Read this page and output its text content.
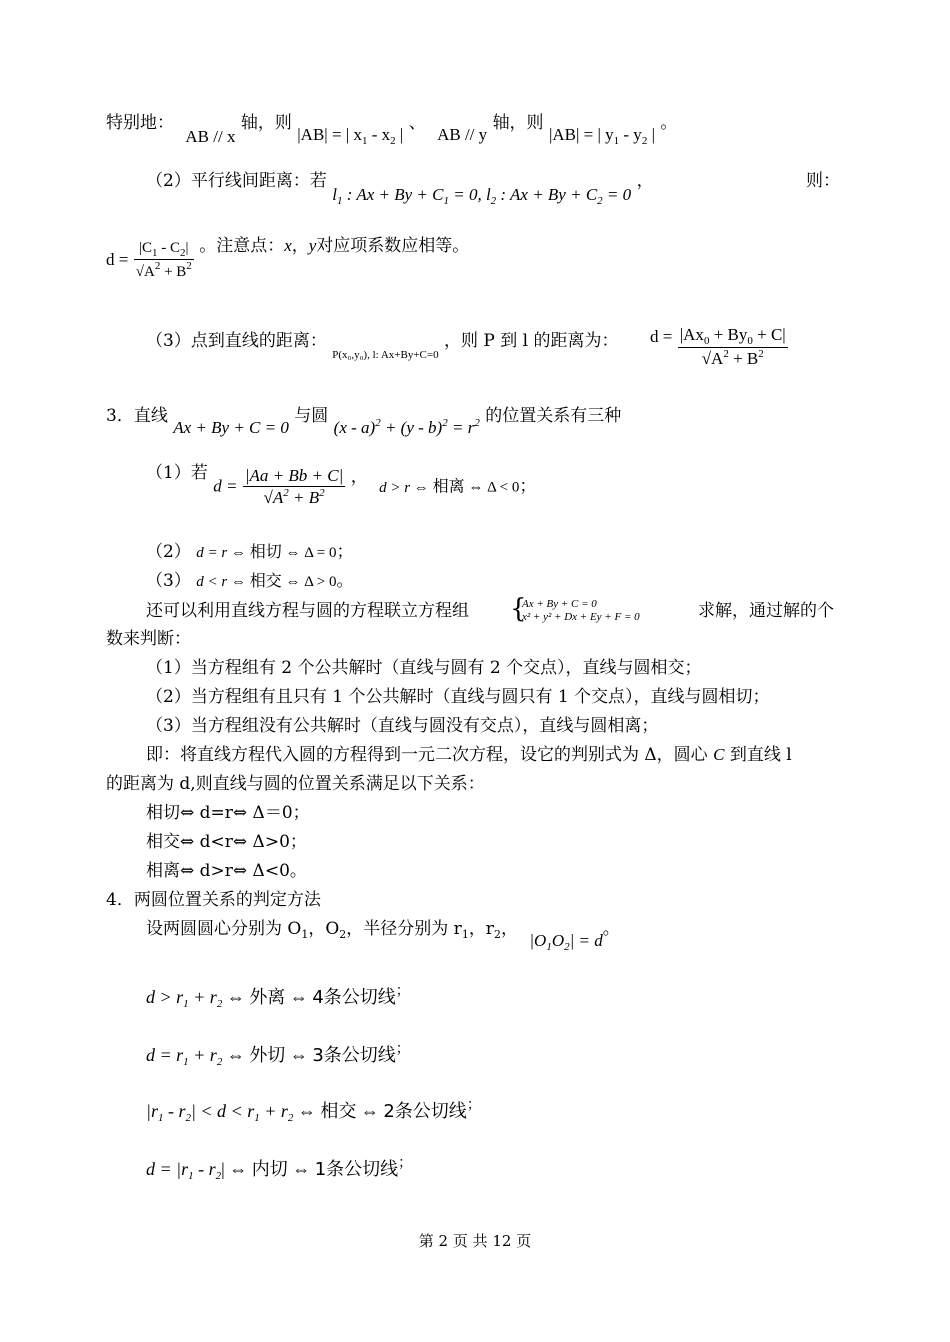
特别地： AB // x 轴，则 |AB| = | $x_1 - x_2$ | 、 AB // y 轴，则 |AB| = | $y_1 - y_2$ | 。
（2）平行线间距离：若 $l_1$ : $Ax + By + C_1 = 0$, $l_2$ : $Ax + By + C_2 = 0$ ，	则：
$d = |C_1 - C_2|$
√ $A^2 + B^2$ 。注意点：x，y对应项系数应相等。
（3）点到直线的距离： $_{P(x_0,y_0), l: Ax+By+C=0}$ ，则 P 到 l 的距离为： $d = |Ax_0 + By_0 + C|$
√ $A^2 + B^2$
3．直线 Ax + By + C = 0 与圆 $(x - a)^2 + (y - b)^2 = r^2$ 的位置关系有三种
（1）若 d = |Aa + Bb + C|
√ $A^2 + B^2$ ， d > r ⇔ 相离 ⇔ Δ < 0；
（2） d = r ⇔ 相切 ⇔ Δ = 0；
（3） d < r ⇔ 相交 ⇔ Δ > 0。
还可以利用直线方程与圆的方程联立方程组 {
Ax + By + C = 0
x² + y² + Dx + Ey + F = 0	求解，通过解的个
数来判断：
（1）当方程组有 2 个公共解时（直线与圆有 2 个交点），直线与圆相交；
（2）当方程组有且只有 1 个公共解时（直线与圆只有 1 个交点），直线与圆相切；
（3）当方程组没有公共解时（直线与圆没有交点），直线与圆相离；
即：将直线方程代入圆的方程得到一元二次方程，设它的判别式为 Δ，圆心 C 到直线 l
的距离为 d,则直线与圆的位置关系满足以下关系：
相切⇔ d=r⇔ Δ＝0；
相交⇔ d<r⇔ Δ>0；
相离⇔ d>r⇔ Δ<0。
4．两圆位置关系的判定方法
设两圆圆心分别为 $O_1$，$O_2$，半径分别为 $r_1$，$r_2$， $|O_1O_2| = d$。
$d > r_1 + r_2$ ⇔ 外离 ⇔ 4条公切线；
$d = r_1 + r_2$ ⇔ 外切 ⇔ 3条公切线；
$|r_1 - r_2| < d < r_1 + r_2$ ⇔ 相交 ⇔ 2条公切线；
$d = |r_1 - r_2|$ ⇔ 内切 ⇔ 1条公切线；
第 2 页 共 12 页
